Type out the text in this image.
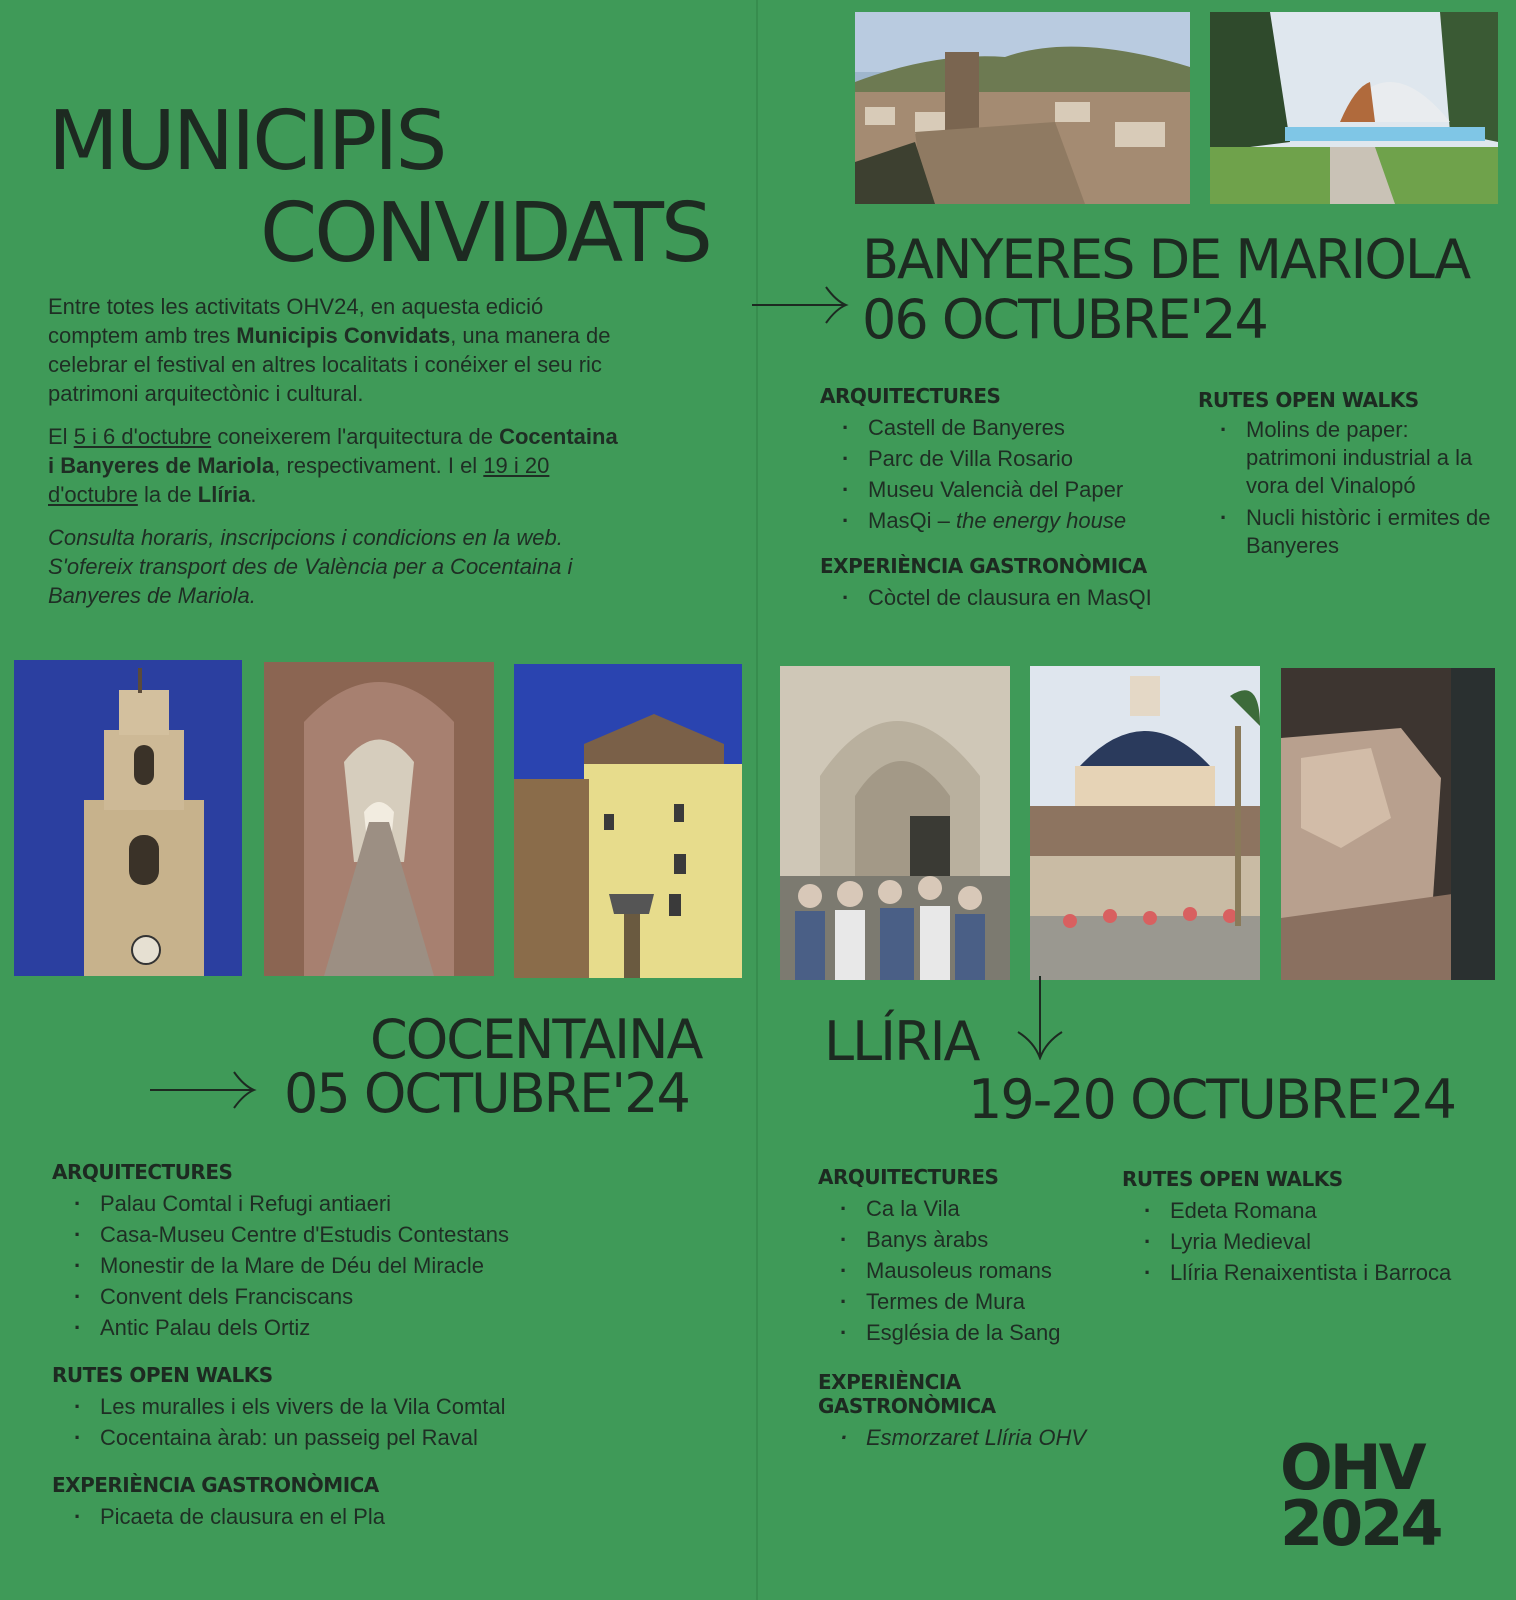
MUNICIPIS
CONVIDATS

Entre totes les activitats OHV24, en aquesta edició comptem amb tres Municipis Convidats, una manera de celebrar el festival en altres localitats i conéixer el seu ric patrimoni arquitectònic i cultural.

El 5 i 6 d'octubre coneixerem l'arquitectura de Cocentaina i Banyeres de Mariola, respectivament. I el 19 i 20 d'octubre la de Llíria.

Consulta horaris, inscripcions i condicions en la web. S'ofereix transport des de València per a Cocentaina i Banyeres de Mariola.

BANYERES DE MARIOLA
06 OCTUBRE'24
ARQUITECTURES
· Castell de Banyeres
· Parc de Villa Rosario
· Museu Valencià del Paper
· MasQi – the energy house
EXPERIÈNCIA GASTRONÒMICA
· Còctel de clausura en MasQI
RUTES OPEN WALKS
· Molins de paper: patrimoni industrial a la vora del Vinalopó
· Nucli històric i ermites de Banyeres
COCENTAINA
05 OCTUBRE'24
LLÍRIA
19-20 OCTUBRE'24
ARQUITECTURES
· Palau Comtal i Refugi antiaeri
· Casa-Museu Centre d'Estudis Contestans
· Monestir de la Mare de Déu del Miracle
· Convent dels Franciscans
· Antic Palau dels Ortiz
RUTES OPEN WALKS
· Les muralles i els vivers de la Vila Comtal
· Cocentaina àrab: un passeig pel Raval
EXPERIÈNCIA GASTRONÒMICA
· Picaeta de clausura en el Pla
ARQUITECTURES
· Ca la Vila
· Banys àrabs
· Mausoleus romans
· Termes de Mura
· Església de la Sang
EXPERIÈNCIA GASTRONÒMICA
· Esmorzaret Llíria OHV
RUTES OPEN WALKS
· Edeta Romana
· Lyria Medieval
· Llíria Renaixentista i Barroca
OHV
2024
